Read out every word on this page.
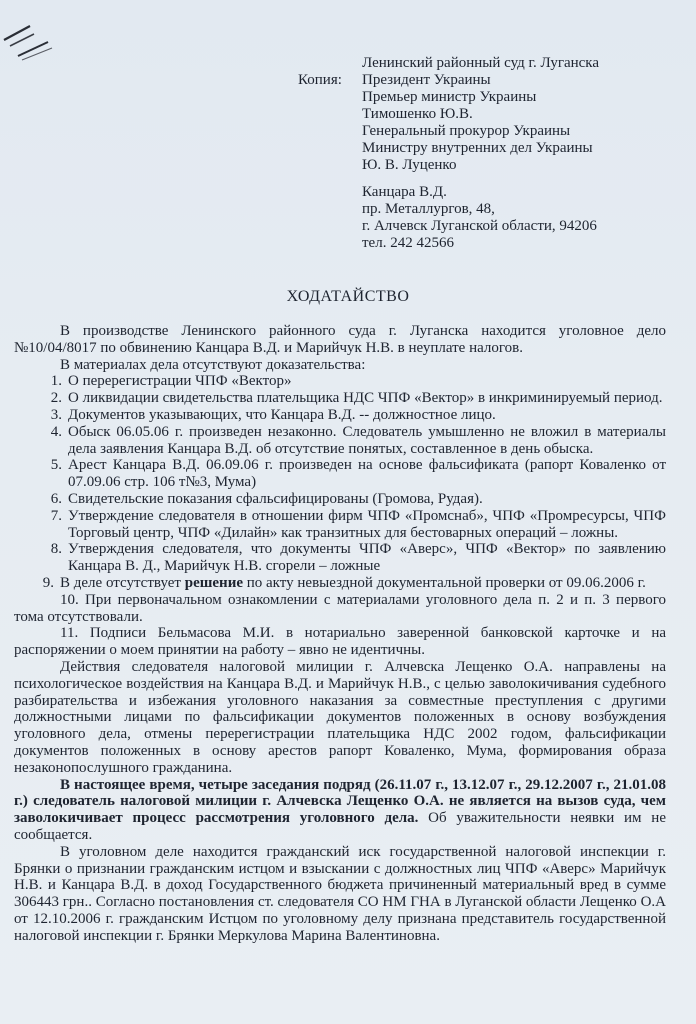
Копия:
Ленинский районный суд г. Луганска
Президент Украины
Премьер министр Украины
Тимошенко Ю.В.
Генеральный прокурор Украины
Министру внутренних дел Украины
Ю. В. Луценко
Канцара В.Д.
пр. Металлургов, 48,
г. Алчевск Луганской области, 94206
тел. 242 42566
ХОДАТАЙСТВО

В производстве Ленинского районного суда г. Луганска находится уголовное дело №10/04/8017 по обвинению Канцара В.Д. и Марийчук Н.В. в неуплате налогов.

В материалах дела отсутствуют доказательства:

1. О перерегистрации ЧПФ «Вектор»
2. О ликвидации свидетельства плательщика НДС ЧПФ «Вектор» в инкриминируемый период.
3. Документов указывающих, что Канцара В.Д. -- должностное лицо.
4. Обыск 06.05.06 г. произведен незаконно. Следователь умышленно не вложил в материалы дела заявления Канцара В.Д. об отсутствие понятых, составленное в день обыска.
5. Арест Канцара В.Д. 06.09.06 г. произведен на основе фальсификата (рапорт Коваленко от 07.09.06 стр. 106 т№3, Мума)
6. Свидетельские показания сфальсифицированы (Громова, Рудая).
7. Утверждение следователя в отношении фирм ЧПФ «Промснаб», ЧПФ «Промресурсы, ЧПФ Торговый центр, ЧПФ «Дилайн» как транзитных для бестоварных операций – ложны.
8. Утверждения следователя, что документы ЧПФ «Аверс», ЧПФ «Вектор» по заявлению Канцара В. Д., Марийчук Н.В. сгорели – ложные
9. В деле отсутствует решение по акту невыездной документальной проверки от 09.06.2006 г.

10. При первоначальном ознакомлении с материалами уголовного дела п. 2 и п. 3 первого тома отсутствовали.

11. Подписи Бельмасова М.И. в нотариально заверенной банковской карточке и на распоряжении о моем принятии на работу – явно не идентичны.

Действия следователя налоговой милиции г. Алчевска Лещенко О.А. направлены на психологическое воздействия на Канцара В.Д. и Марийчук Н.В., с целью заволокичивания судебного разбирательства и избежания уголовного наказания за совместные преступления с другими должностными лицами по фальсификации документов положенных в основу возбуждения уголовного дела, отмены перерегистрации плательщика НДС 2002 годом, фальсификации документов положенных в основу арестов рапорт Коваленко, Мума, формирования образа незаконопослушного гражданина.

В настоящее время, четыре заседания подряд (26.11.07 г., 13.12.07 г., 29.12.2007 г., 21.01.08 г.) следователь налоговой милиции г. Алчевска Лещенко О.А. не является на вызов суда, чем заволокичивает процесс рассмотрения уголовного дела. Об уважительности неявки им не сообщается.

В уголовном деле находится гражданский иск государственной налоговой инспекции г. Брянки о признании гражданским истцом и взыскании с должностных лиц ЧПФ «Аверс» Марийчук Н.В. и Канцара В.Д. в доход Государственного бюджета причиненный материальный вред в сумме 306443 грн.. Согласно постановления ст. следователя СО НМ ГНА в Луганской области Лещенко О.А от 12.10.2006 г. гражданским Истцом по уголовному делу признана представитель государственной налоговой инспекции г. Брянки Меркулова Марина Валентиновна.
